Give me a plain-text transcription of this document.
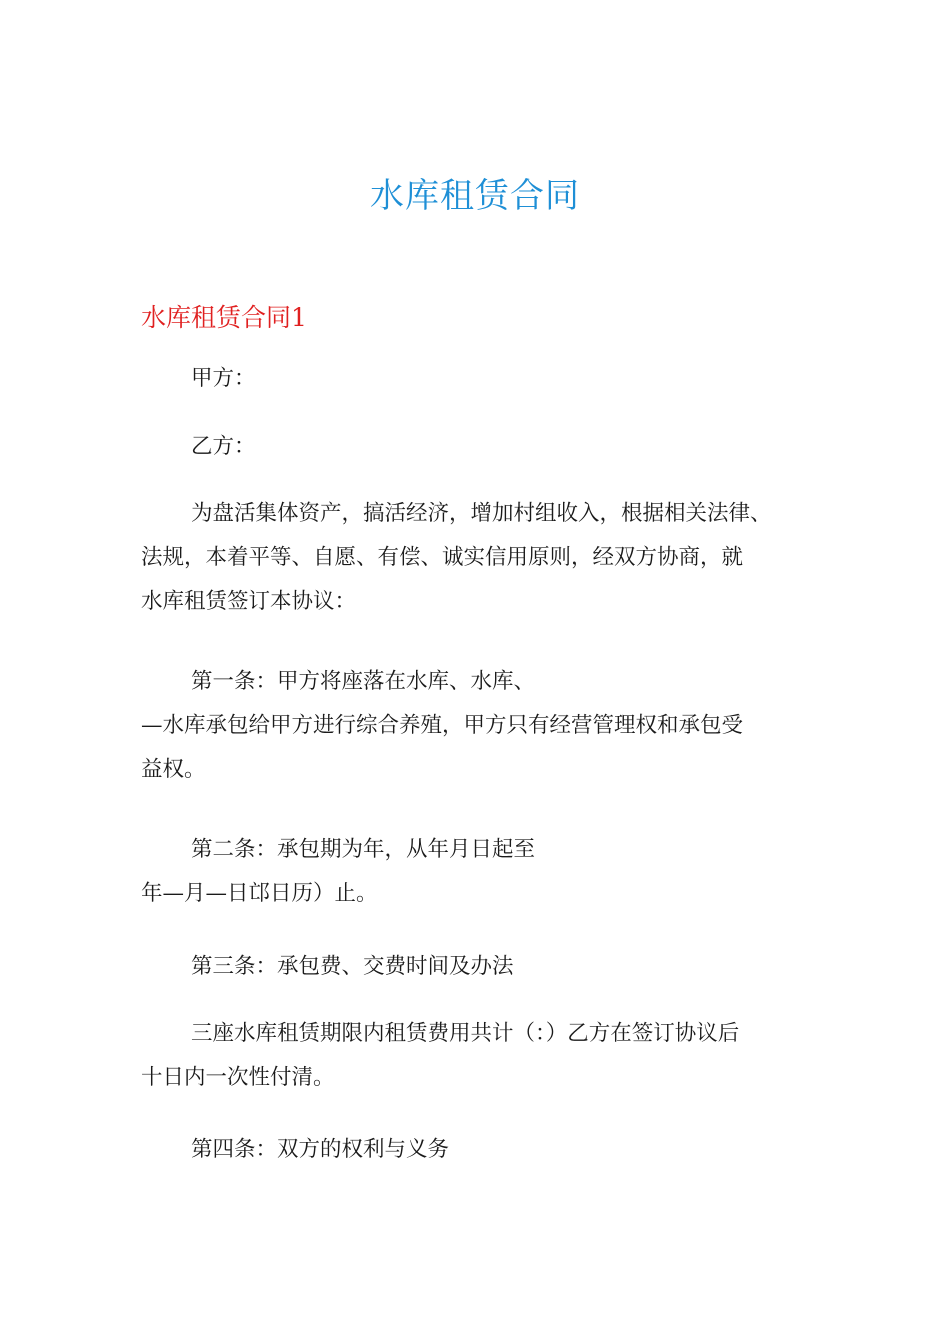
水库租赁合同
水库租赁合同1

甲方：

乙方：

为盘活集体资产，搞活经济，增加村组收入，根据相关法律、

法规，本着平等、自愿、有偿、诚实信用原则，经双方协商，就

水库租赁签订本协议：

第一条：甲方将座落在水库、水库、

—水库承包给甲方进行综合养殖，甲方只有经营管理权和承包受

益权。

第二条：承包期为年，从年月日起至

年—月—日邙日历）止。

第三条：承包费、交费时间及办法

三座水库租赁期限内租赁费用共计（：）乙方在签订协议后

十日内一次性付清。

第四条：双方的权利与义务
